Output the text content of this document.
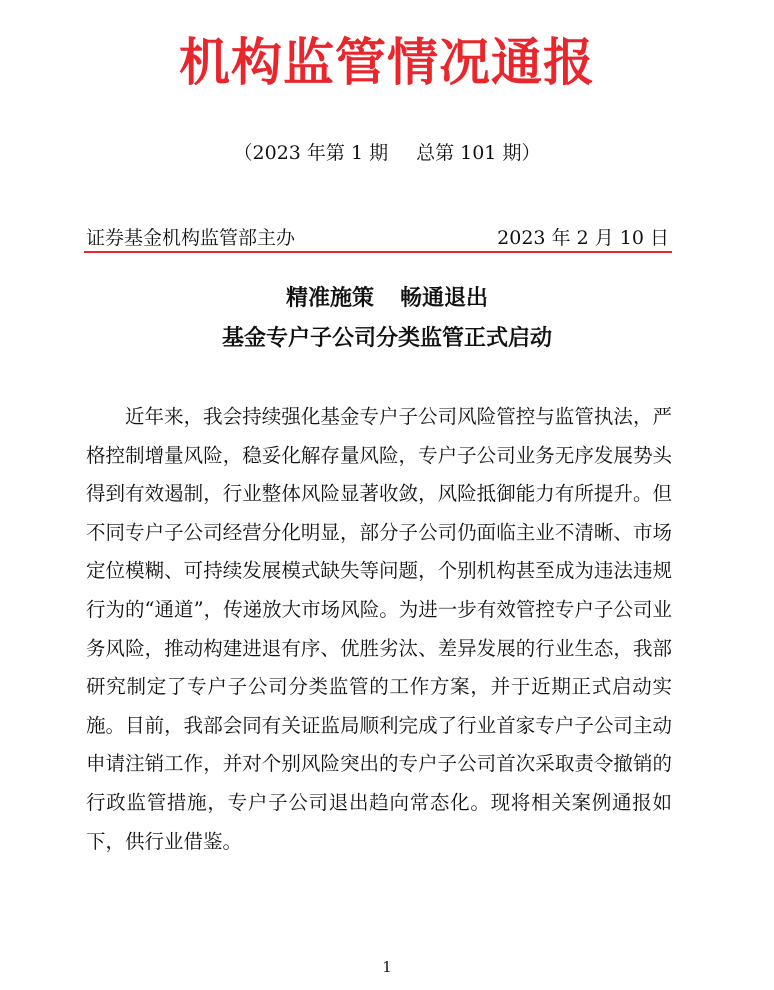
机构监管情况通报
（2023 年第 1 期 总第 101 期）
证券基金机构监管部主办	2023 年 2 月 10 日
精准施策 畅通退出
基金专户子公司分类监管正式启动

近年来，我会持续强化基金专户子公司风险管控与监管执法，严格控制增量风险，稳妥化解存量风险，专户子公司业务无序发展势头得到有效遏制，行业整体风险显著收敛，风险抵御能力有所提升。但不同专户子公司经营分化明显，部分子公司仍面临主业不清晰、市场定位模糊、可持续发展模式缺失等问题，个别机构甚至成为违法违规行为的“通道”，传递放大市场风险。为进一步有效管控专户子公司业务风险，推动构建进退有序、优胜劣汰、差异发展的行业生态，我部研究制定了专户子公司分类监管的工作方案，并于近期正式启动实施。目前，我部会同有关证监局顺利完成了行业首家专户子公司主动申请注销工作，并对个别风险突出的专户子公司首次采取责令撤销的行政监管措施，专户子公司退出趋向常态化。现将相关案例通报如下，供行业借鉴。

1
